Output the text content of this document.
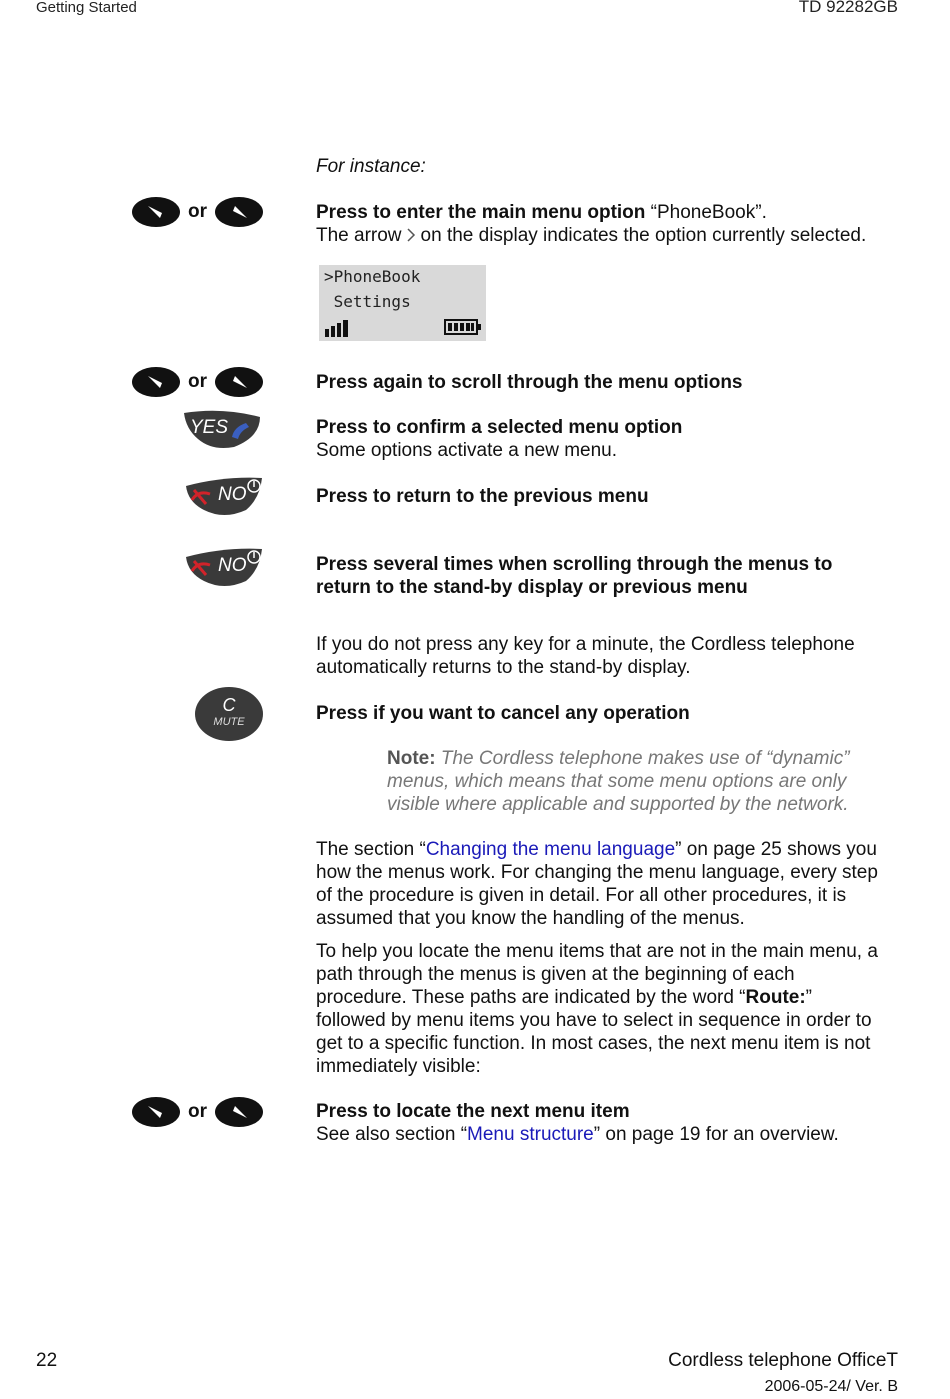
Getting Started	TD 92282GB
For instance:
or	Press to enter the main menu option “PhoneBook”.
The arrow on the display indicates the option currently selected.
>PhoneBook
Settings
or	Press again to scroll through the menu options
YES	Press to confirm a selected menu option
Some options activate a new menu.
NO	Press to return to the previous menu
NO	Press several times when scrolling through the menus to
return to the stand-by display or previous menu
If you do not press any key for a minute, the Cordless telephone
automatically returns to the stand-by display.
C
MUTE	Press if you want to cancel any operation
Note: The Cordless telephone makes use of “dynamic”
menus, which means that some menu options are only
visible where applicable and supported by the network.
The section “Changing the menu language” on page 25 shows you
how the menus work. For changing the menu language, every step
of the procedure is given in detail. For all other procedures, it is
assumed that you know the handling of the menus.
To help you locate the menu items that are not in the main menu, a
path through the menus is given at the beginning of each
procedure. These paths are indicated by the word “Route:”
followed by menu items you have to select in sequence in order to
get to a specific function. In most cases, the next menu item is not
immediately visible:
or	Press to locate the next menu item
See also section “Menu structure” on page 19 for an overview.
22	Cordless telephone OfficeT
2006-05-24/ Ver. B
